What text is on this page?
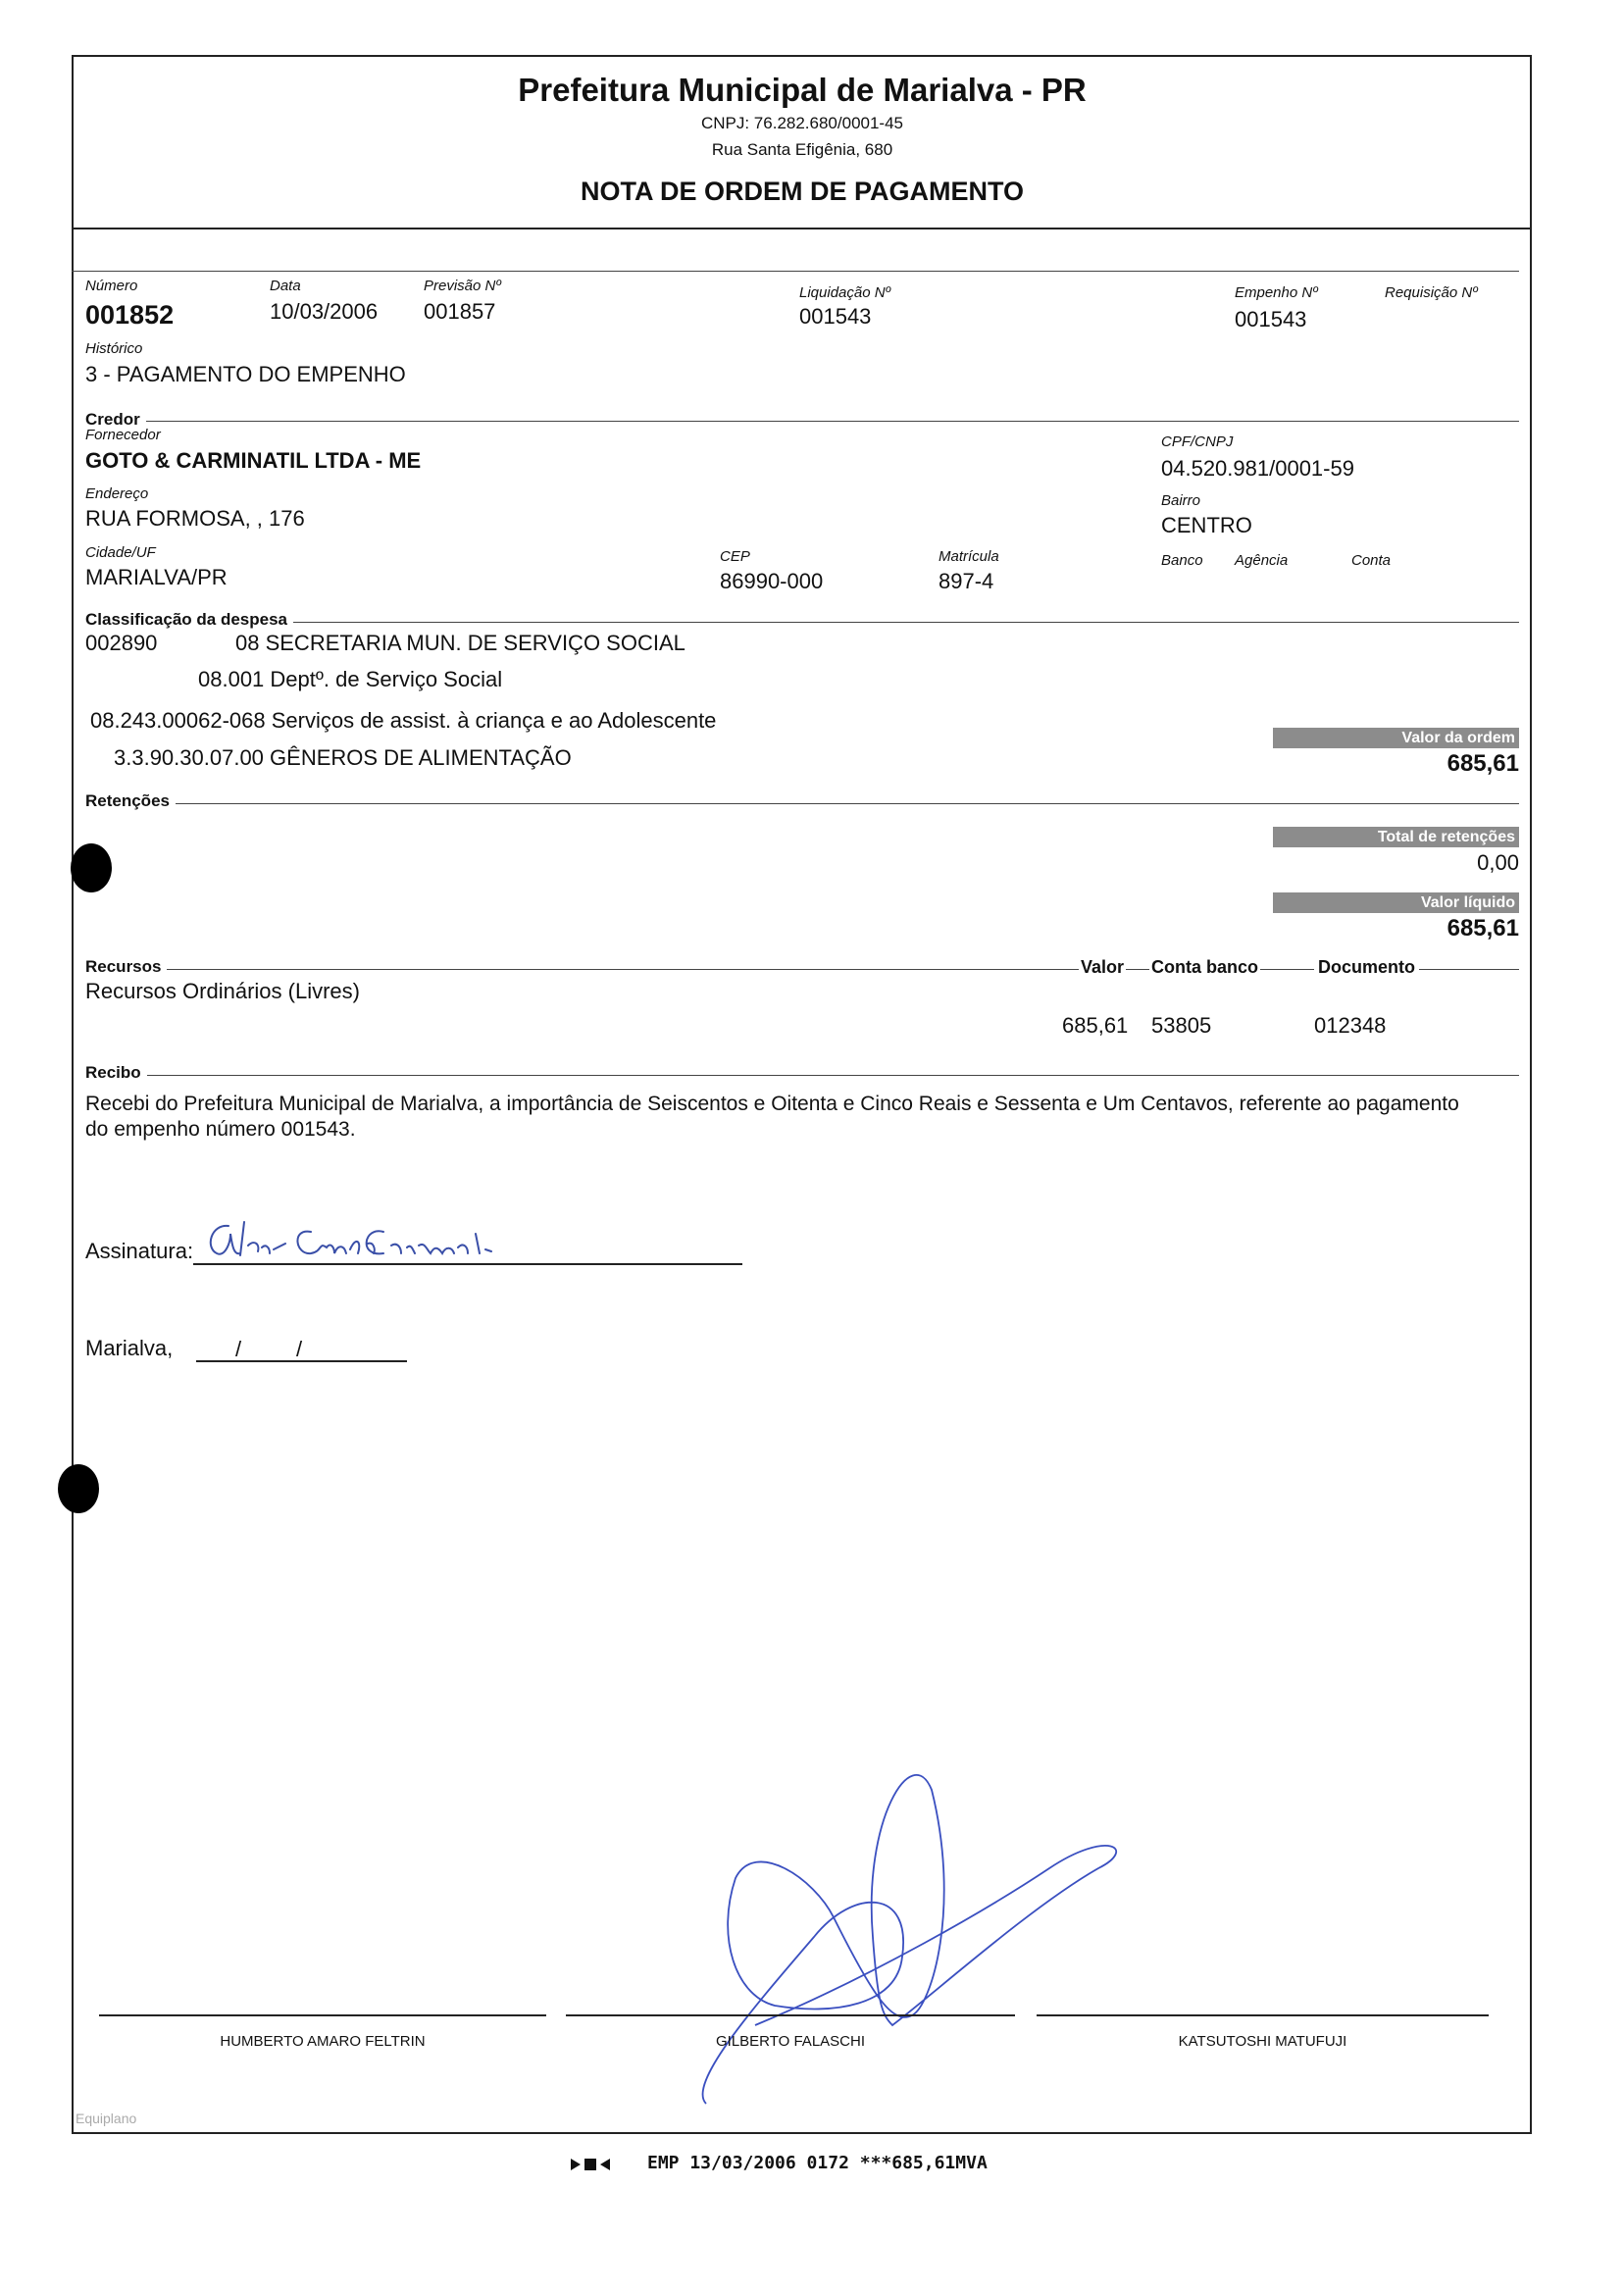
Prefeitura Municipal de Marialva - PR
CNPJ: 76.282.680/0001-45
Rua Santa Efigênia, 680
NOTA DE ORDEM DE PAGAMENTO
Número
001852
Data
10/03/2006
Previsão Nº
001857
Liquidação Nº
001543
Empenho Nº
001543
Requisição Nº
Histórico
3 - PAGAMENTO DO EMPENHO
Credor
Fornecedor
GOTO & CARMINATIL LTDA - ME
CPF/CNPJ
04.520.981/0001-59
Endereço
RUA FORMOSA, , 176
Bairro
CENTRO
Cidade/UF
MARIALVA/PR
CEP
86990-000
Matrícula
897-4
Banco Agência	Conta
Classificação da despesa
002890	08 SECRETARIA MUN. DE SERVIÇO SOCIAL
08.001 Deptº. de Serviço Social
08.243.00062-068 Serviços de assist. à criança e ao Adolescente
3.3.90.30.07.00 GÊNEROS DE ALIMENTAÇÃO
Valor da ordem
685,61
Retenções
Total de retenções
0,00
Valor líquido
685,61
Recursos	Valor Conta banco	Documento
Recursos Ordinários (Livres)
685,61 53805	012348
Recibo
Recebi do Prefeitura Municipal de Marialva, a importância de Seiscentos e Oitenta e Cinco Reais e Sessenta e Um Centavos, referente ao pagamento do empenho número 001543.
Assinatura:
Marialva,	/	/
HUMBERTO AMARO FELTRIN	GILBERTO FALASCHI	KATSUTOSHI MATUFUJI
Equiplano
EMP 13/03/2006 0172 ***685,61MVA
